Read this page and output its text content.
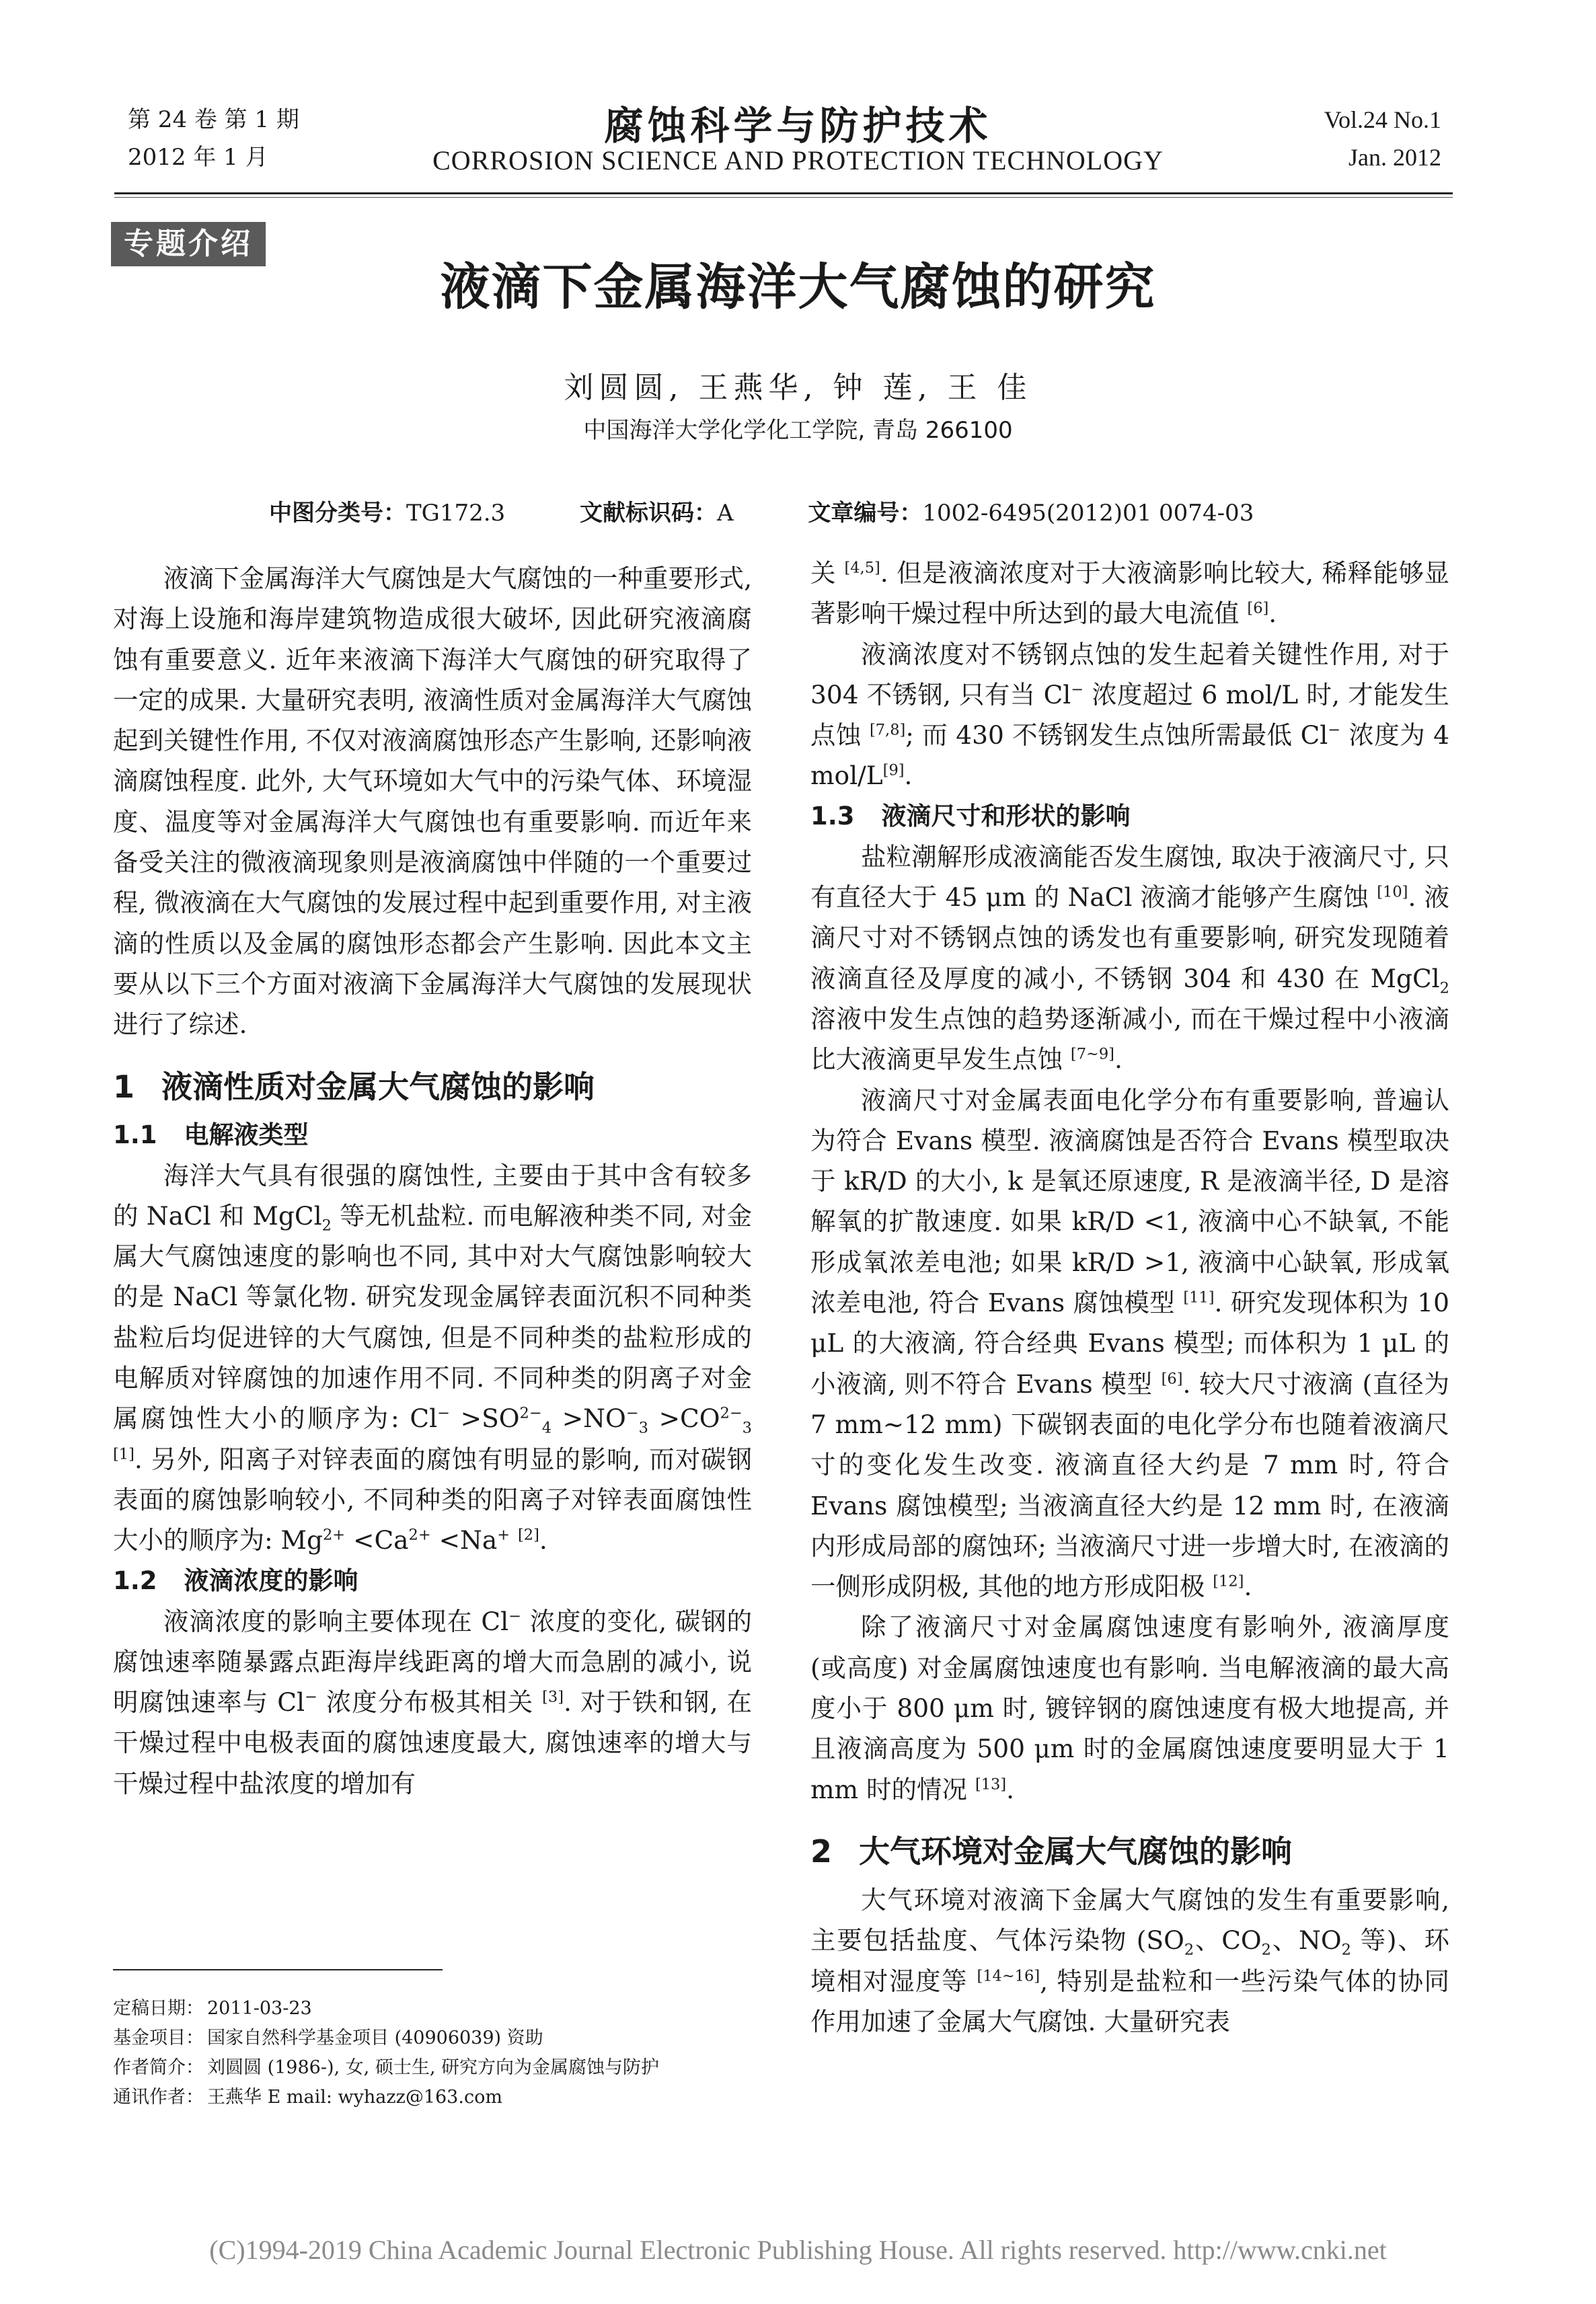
第 24 卷 第 1 期
2012 年 1 月
腐蚀科学与防护技术
CORROSION SCIENCE AND PROTECTION TECHNOLOGY
Vol.24 No.1
Jan. 2012
专题介绍
液滴下金属海洋大气腐蚀的研究
刘圆圆, 王燕华, 钟 莲, 王 佳
中国海洋大学化学化工学院, 青岛 266100
中图分类号：TG172.3	文献标识码：A	文章编号：1002-6495(2012)01 0074-03

液滴下金属海洋大气腐蚀是大气腐蚀的一种重要形式, 对海上设施和海岸建筑物造成很大破坏, 因此研究液滴腐蚀有重要意义. 近年来液滴下海洋大气腐蚀的研究取得了一定的成果. 大量研究表明, 液滴性质对金属海洋大气腐蚀起到关键性作用, 不仅对液滴腐蚀形态产生影响, 还影响液滴腐蚀程度. 此外, 大气环境如大气中的污染气体、环境湿度、温度等对金属海洋大气腐蚀也有重要影响. 而近年来备受关注的微液滴现象则是液滴腐蚀中伴随的一个重要过程, 微液滴在大气腐蚀的发展过程中起到重要作用, 对主液滴的性质以及金属的腐蚀形态都会产生影响. 因此本文主要从以下三个方面对液滴下金属海洋大气腐蚀的发展现状进行了综述.

1 液滴性质对金属大气腐蚀的影响
1.1 电解液类型

海洋大气具有很强的腐蚀性, 主要由于其中含有较多的 NaCl 和 MgCl$_2$ 等无机盐粒. 而电解液种类不同, 对金属大气腐蚀速度的影响也不同, 其中对大气腐蚀影响较大的是 NaCl 等氯化物. 研究发现金属锌表面沉积不同种类盐粒后均促进锌的大气腐蚀, 但是不同种类的盐粒形成的电解质对锌腐蚀的加速作用不同. 不同种类的阴离子对金属腐蚀性大小的顺序为: $Cl^- >SO^{2-}_4 >NO^-_3 >CO^{2-}_3$ [1]. 另外, 阳离子对锌表面的腐蚀有明显的影响, 而对碳钢表面的腐蚀影响较小, 不同种类的阳离子对锌表面腐蚀性大小的顺序为: $Mg^{2+} <Ca^{2+} <Na^+$ [2].

1.2 液滴浓度的影响

液滴浓度的影响主要体现在 Cl− 浓度的变化, 碳钢的腐蚀速率随暴露点距海岸线距离的增大而急剧的减小, 说明腐蚀速率与 Cl− 浓度分布极其相关 [3]. 对于铁和钢, 在干燥过程中电极表面的腐蚀速度最大, 腐蚀速率的增大与干燥过程中盐浓度的增加有

关 [4,5]. 但是液滴浓度对于大液滴影响比较大, 稀释能够显著影响干燥过程中所达到的最大电流值 [6].

液滴浓度对不锈钢点蚀的发生起着关键性作用, 对于 304 不锈钢, 只有当 Cl− 浓度超过 6 mol/L 时, 才能发生点蚀 [7,8]; 而 430 不锈钢发生点蚀所需最低 Cl− 浓度为 4 mol/L[9].

1.3 液滴尺寸和形状的影响

盐粒潮解形成液滴能否发生腐蚀, 取决于液滴尺寸, 只有直径大于 45 μm 的 NaCl 液滴才能够产生腐蚀 [10]. 液滴尺寸对不锈钢点蚀的诱发也有重要影响, 研究发现随着液滴直径及厚度的减小, 不锈钢 304 和 430 在 MgCl$_2$ 溶液中发生点蚀的趋势逐渐减小, 而在干燥过程中小液滴比大液滴更早发生点蚀 [7~9].

液滴尺寸对金属表面电化学分布有重要影响, 普遍认为符合 Evans 模型. 液滴腐蚀是否符合 Evans 模型取决于 kR/D 的大小, k 是氧还原速度, R 是液滴半径, D 是溶解氧的扩散速度. 如果 kR/D <1, 液滴中心不缺氧, 不能形成氧浓差电池; 如果 kR/D >1, 液滴中心缺氧, 形成氧浓差电池, 符合 Evans 腐蚀模型 [11]. 研究发现体积为 10 μL 的大液滴, 符合经典 Evans 模型; 而体积为 1 μL 的小液滴, 则不符合 Evans 模型 [6]. 较大尺寸液滴 (直径为 7 mm~12 mm) 下碳钢表面的电化学分布也随着液滴尺寸的变化发生改变. 液滴直径大约是 7 mm 时, 符合 Evans 腐蚀模型; 当液滴直径大约是 12 mm 时, 在液滴内形成局部的腐蚀环; 当液滴尺寸进一步增大时, 在液滴的一侧形成阴极, 其他的地方形成阳极 [12].

除了液滴尺寸对金属腐蚀速度有影响外, 液滴厚度 (或高度) 对金属腐蚀速度也有影响. 当电解液滴的最大高度小于 800 μm 时, 镀锌钢的腐蚀速度有极大地提高, 并且液滴高度为 500 μm 时的金属腐蚀速度要明显大于 1 mm 时的情况 [13].

2 大气环境对金属大气腐蚀的影响

大气环境对液滴下金属大气腐蚀的发生有重要影响, 主要包括盐度、气体污染物 ($SO_2$、$CO_2$、$NO_2$ 等)、环境相对湿度等 [14~16], 特别是盐粒和一些污染气体的协同作用加速了金属大气腐蚀. 大量研究表

定稿日期： 2011-03-23
基金项目： 国家自然科学基金项目 (40906039) 资助
作者简介： 刘圆圆 (1986-), 女, 硕士生, 研究方向为金属腐蚀与防护
通讯作者： 王燕华 E mail: wyhazz@163.com
(C)1994-2019 China Academic Journal Electronic Publishing House. All rights reserved. http://www.cnki.net
